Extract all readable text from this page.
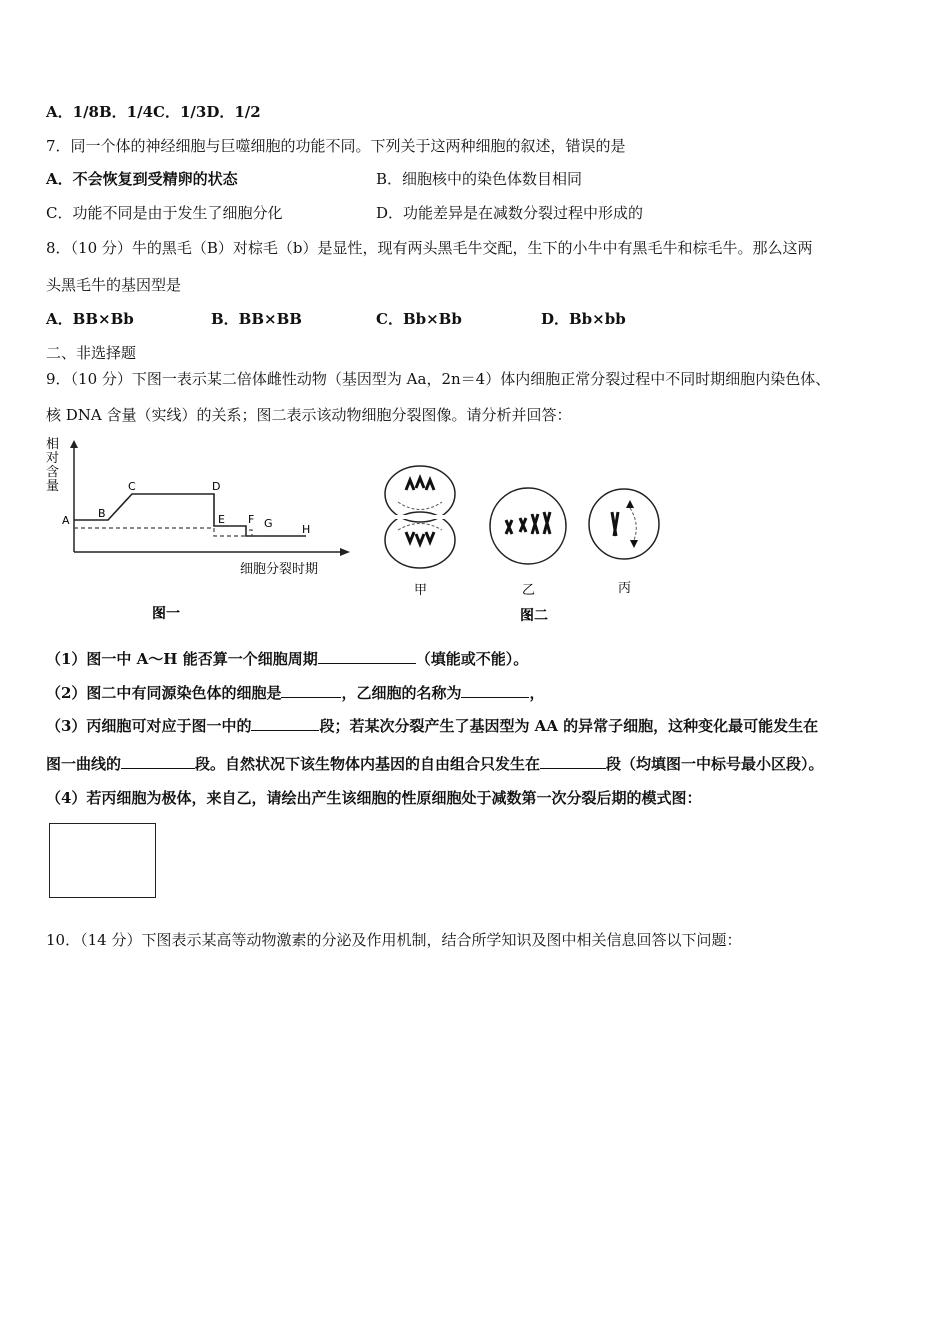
A．1/8B．1/4C．1/3D．1/2
7．同一个体的神经细胞与巨噬细胞的功能不同。下列关于这两种细胞的叙述，错误的是
A．不会恢复到受精卵的状态	B．细胞核中的染色体数目相同
C．功能不同是由于发生了细胞分化	D．功能差异是在减数分裂过程中形成的
8．（10 分）牛的黑毛（B）对棕毛（b）是显性，现有两头黑毛牛交配，生下的小牛中有黑毛牛和棕毛牛。那么这两
头黑毛牛的基因型是
A．BB×Bb	B．BB×BB	C．Bb×Bb	D．Bb×bb
二、非选择题
9．（10 分）下图一表示某二倍体雌性动物（基因型为 Aa，2n＝4）体内细胞正常分裂过程中不同时期细胞内染色体、
核 DNA 含量（实线）的关系；图二表示该动物细胞分裂图像。请分析并回答：
相
对
含
量
A
B
C	D
E F G	H
细胞分裂时期
图一
甲	乙	丙
图二
（1）图一中 A～H 能否算一个细胞周期	（填能或不能）。
（2）图二中有同源染色体的细胞是	，乙细胞的名称为	，
（3）丙细胞可对应于图一中的	段；若某次分裂产生了基因型为 AA 的异常子细胞，这种变化最可能发生在
图一曲线的	段。自然状况下该生物体内基因的自由组合只发生在	段（均填图一中标号最小区段）。
（4）若丙细胞为极体，来自乙，请绘出产生该细胞的性原细胞处于减数第一次分裂后期的模式图：
10．（14 分）下图表示某高等动物激素的分泌及作用机制，结合所学知识及图中相关信息回答以下问题：
